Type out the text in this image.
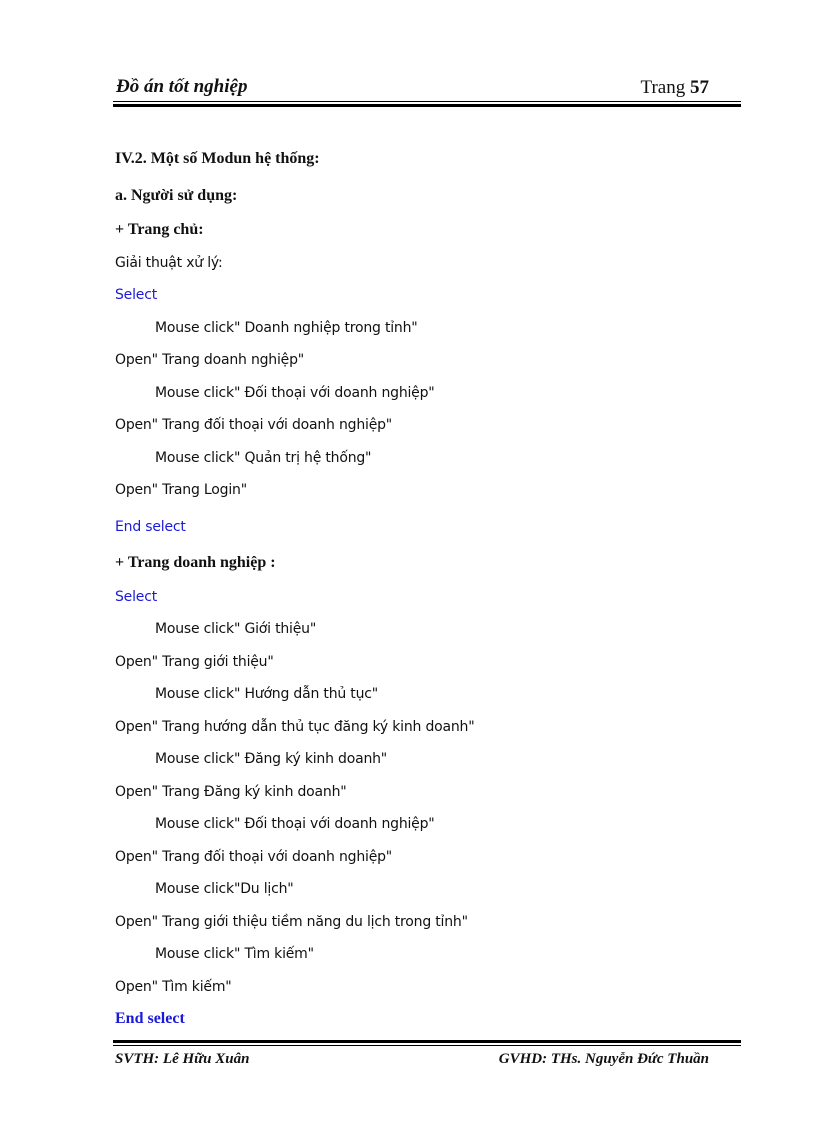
Đồ án tốt nghiệp	Trang 57
IV.2. Một số Modun hệ thống:
a. Người sử dụng:
+ Trang chủ:
Giải thuật xử lý:
Select
Mouse click" Doanh nghiệp trong tỉnh"
Open" Trang doanh nghiệp"
Mouse click" Đối thoại với doanh nghiệp"
Open" Trang đối thoại với doanh nghiệp"
Mouse click" Quản trị hệ thống"
Open" Trang Login"
End select
+ Trang doanh nghiệp :
Select
Mouse click" Giới thiệu"
Open" Trang giới thiệu"
Mouse click" Hướng dẫn thủ tục"
Open" Trang hướng dẫn thủ tục đăng ký kinh doanh"
Mouse click" Đăng ký kinh doanh"
Open" Trang Đăng ký kinh doanh"
Mouse click" Đối thoại với doanh nghiệp"
Open" Trang đối thoại với doanh nghiệp"
Mouse click"Du lịch"
Open" Trang giới thiệu tiềm năng du lịch trong tỉnh"
Mouse click" Tìm kiếm"
Open" Tìm kiếm"
End select
SVTH: Lê Hữu Xuân	GVHD: THs. Nguyễn Đức Thuần
